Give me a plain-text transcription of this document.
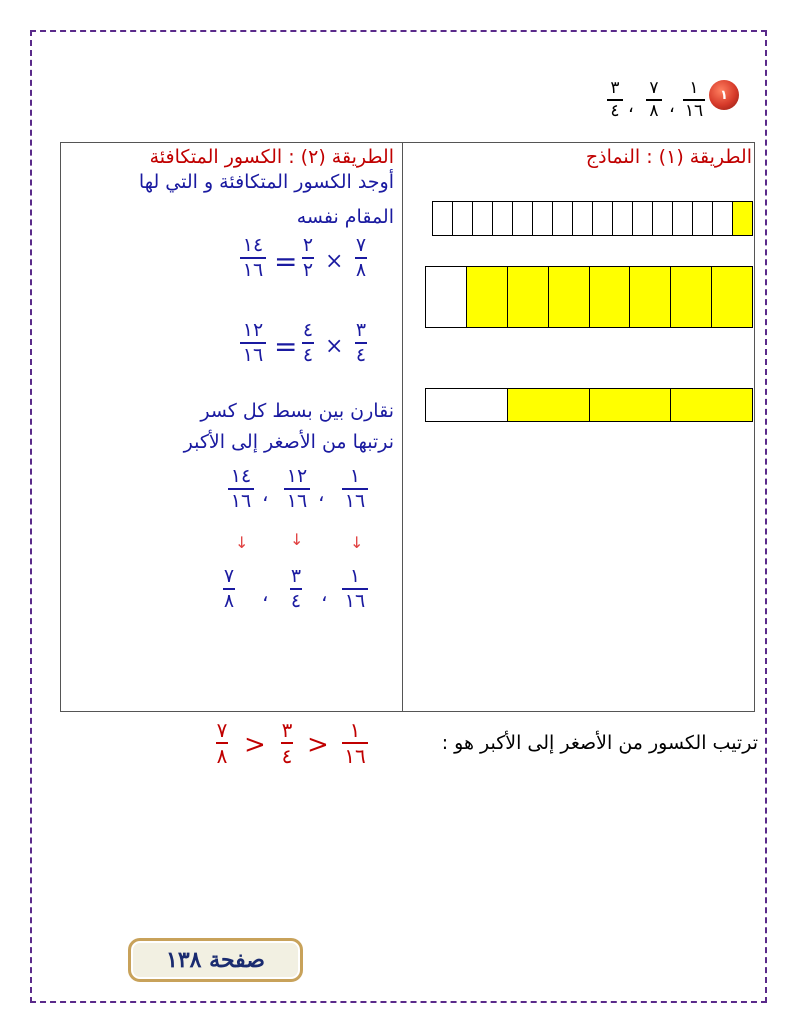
١
١
١٦
،
٧
٨
،
٣
٤
الطريقة (١) : النماذج
الطريقة (٢) : الكسور المتكافئة
أوجد الكسور المتكافئة و التي لها
المقام نفسه
١٤
١٦ = ٢
٢ ×
٧
٨
١٢
١٦ = ٤
٤ ×
٣
٤
نقارن بين بسط كل كسر
نرتبها من الأصغر إلى الأكبر
١٤
١٦ ،
١٢
١٦ ،
١
١٦
↓	↓	↓
٧
٨ ،
٣
٤ ،
١
١٦
ترتيب الكسور من الأصغر إلى الأكبر هو :
١
١٦
>
٣
٤
>
٧
٨
صفحة ١٣٨
